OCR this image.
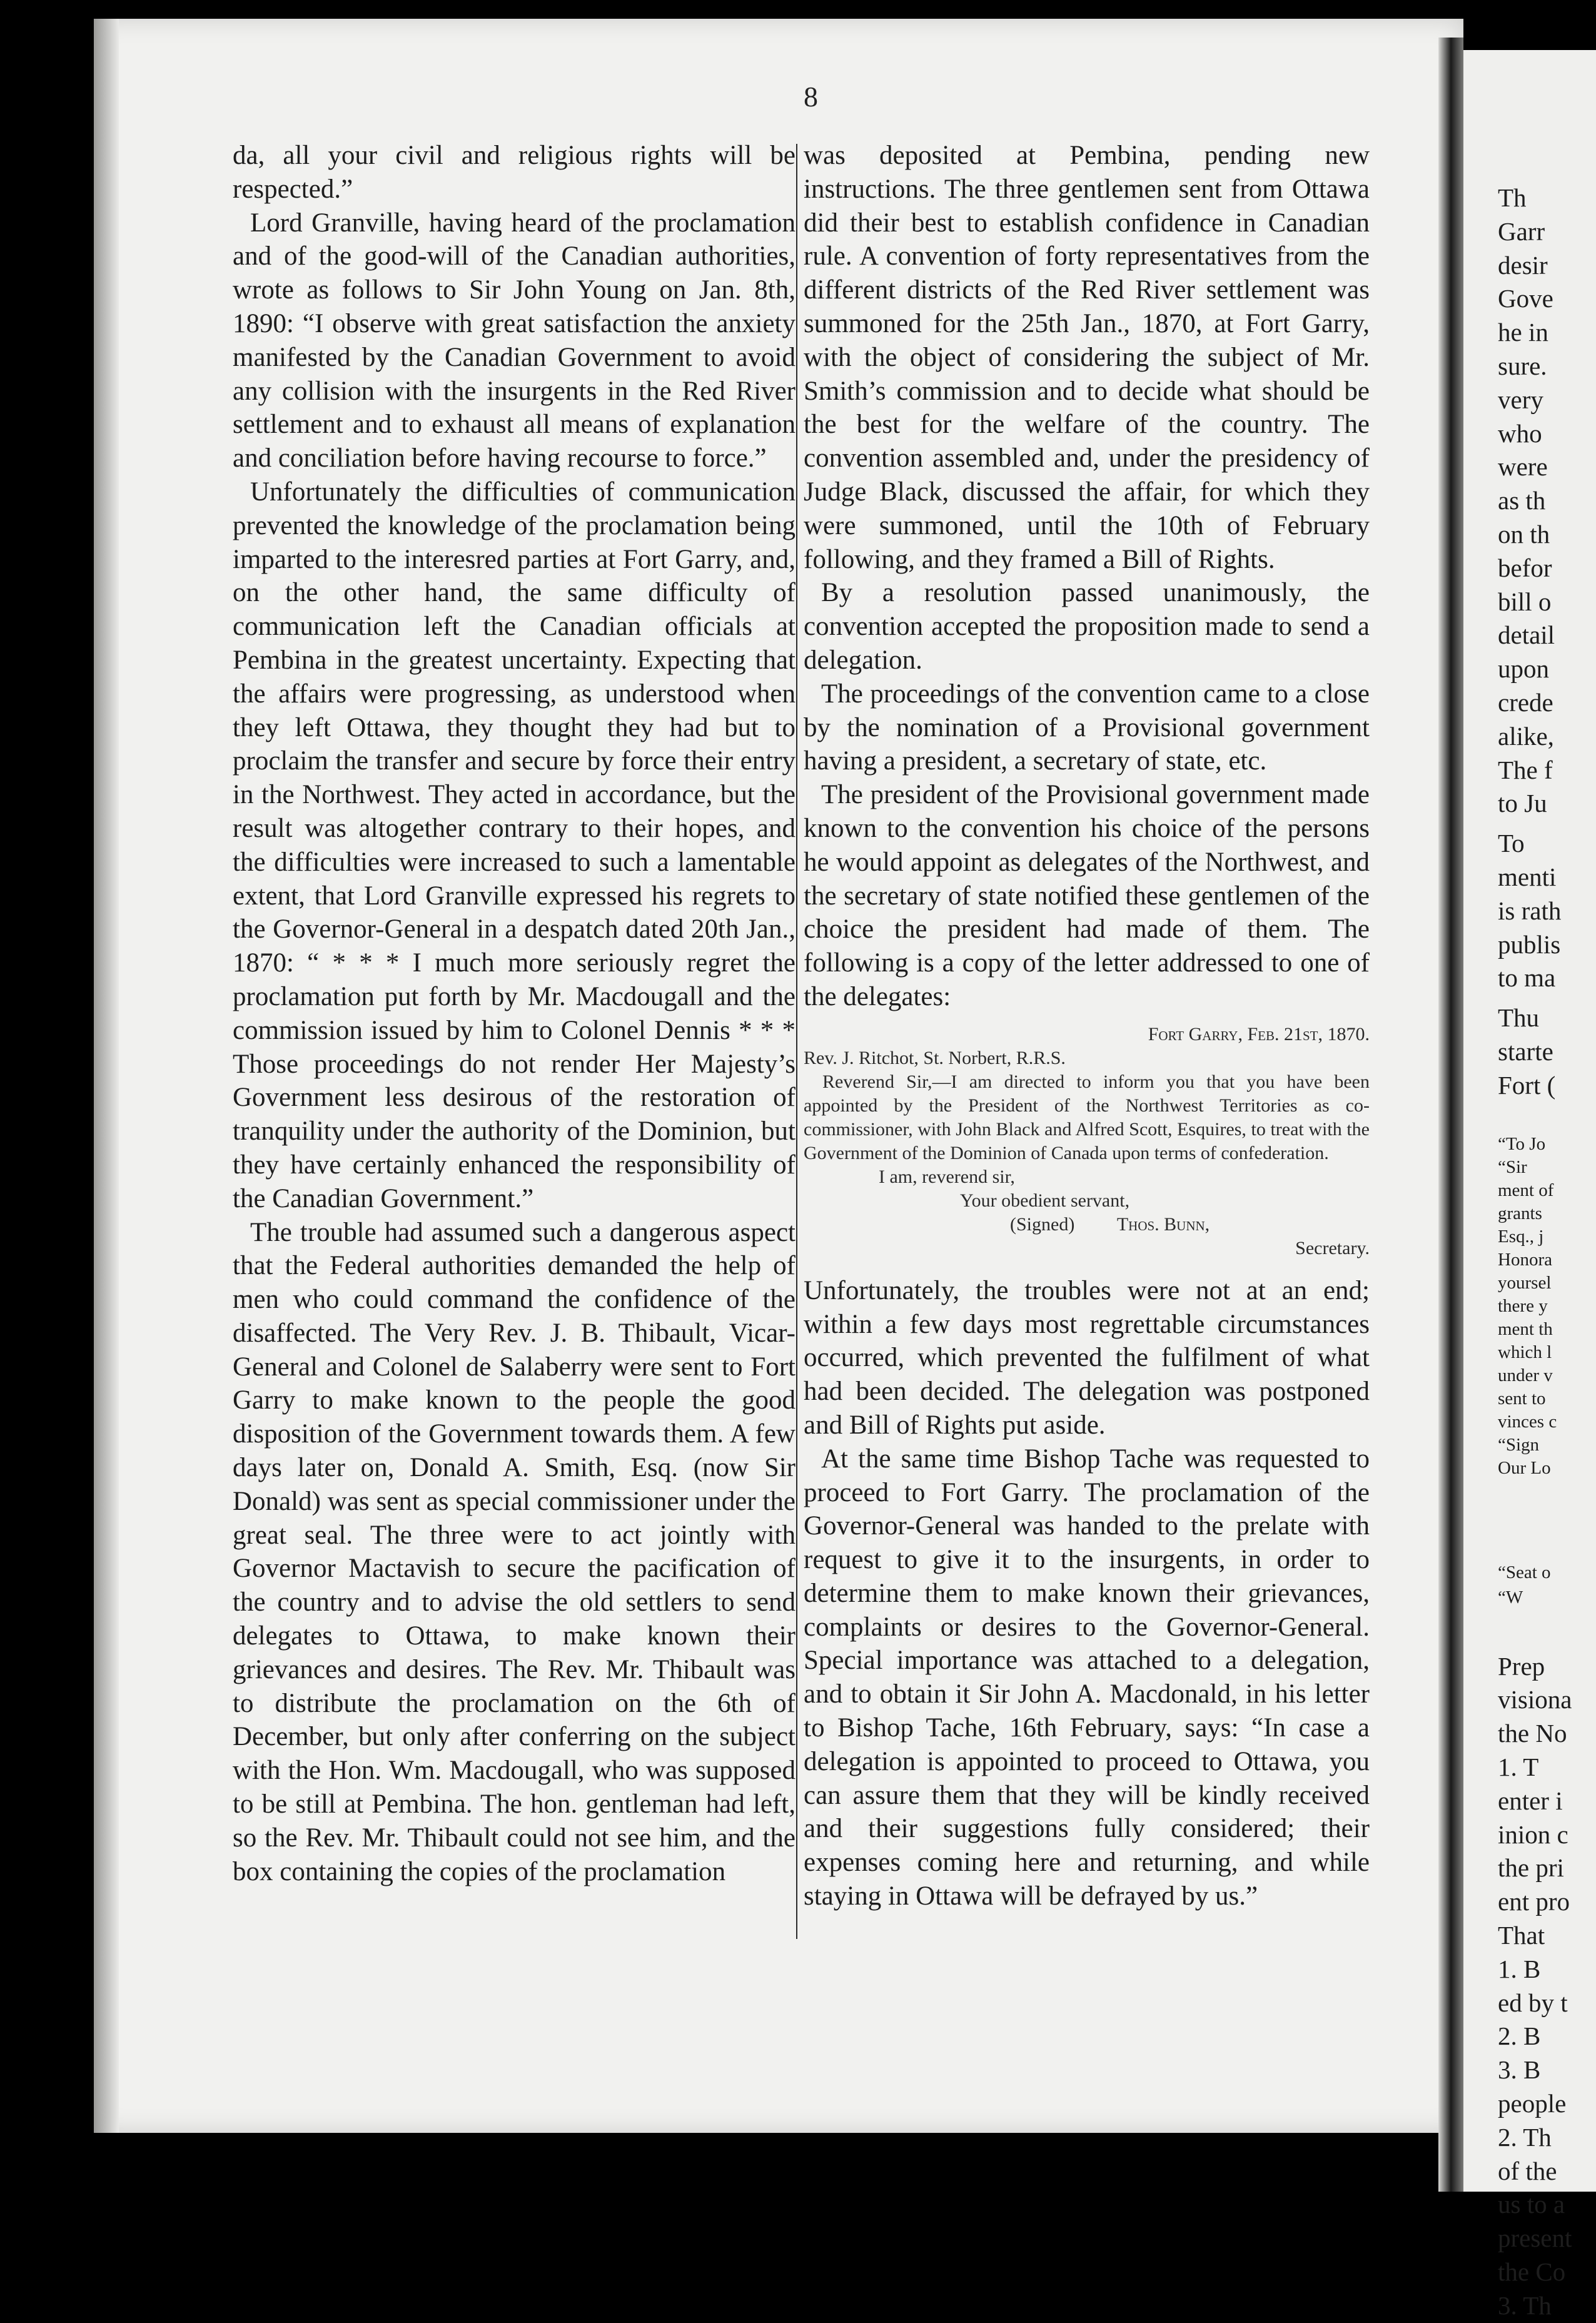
8

da, all your civil and religious rights will be respected.”

Lord Granville, having heard of the proclamation and of the good-will of the Canadian authorities, wrote as follows to Sir John Young on Jan. 8th, 1890: “I observe with great satisfaction the anxiety manifested by the Canadian Government to avoid any collision with the insurgents in the Red River settlement and to exhaust all means of explanation and conciliation before having recourse to force.”

Unfortunately the difficulties of communication prevented the knowledge of the proclamation being imparted to the interesred parties at Fort Garry, and, on the other hand, the same difficulty of communication left the Canadian officials at Pembina in the greatest uncertainty. Expecting that the affairs were progressing, as understood when they left Ottawa, they thought they had but to proclaim the transfer and secure by force their entry in the Northwest. They acted in accordance, but the result was altogether contrary to their hopes, and the difficulties were increased to such a lamentable extent, that Lord Granville expressed his regrets to the Governor-General in a despatch dated 20th Jan., 1870: “ * * * I much more seriously regret the proclamation put forth by Mr. Macdougall and the commission issued by him to Colonel Dennis * * * Those proceedings do not render Her Majesty’s Government less desirous of the restoration of tranquility under the authority of the Dominion, but they have certainly enhanced the responsibility of the Canadian Government.”

The trouble had assumed such a dangerous aspect that the Federal authorities demanded the help of men who could command the confidence of the disaffected. The Very Rev. J. B. Thibault, Vicar-General and Colonel de Salaberry were sent to Fort Garry to make known to the people the good disposition of the Government towards them. A few days later on, Donald A. Smith, Esq. (now Sir Donald) was sent as special commissioner under the great seal. The three were to act jointly with Governor Mactavish to secure the pacification of the country and to advise the old settlers to send delegates to Ottawa, to make known their grievances and desires. The Rev. Mr. Thibault was to distribute the proclamation on the 6th of December, but only after conferring on the subject with the Hon. Wm. Macdougall, who was supposed to be still at Pembina. The hon. gentleman had left, so the Rev. Mr. Thibault could not see him, and the box containing the copies of the proclamation

was deposited at Pembina, pending new instructions. The three gentlemen sent from Ottawa did their best to establish confidence in Canadian rule. A convention of forty representatives from the different districts of the Red River settlement was summoned for the 25th Jan., 1870, at Fort Garry, with the object of considering the subject of Mr. Smith’s commission and to decide what should be the best for the welfare of the country. The convention assembled and, under the presidency of Judge Black, discussed the affair, for which they were summoned, until the 10th of February following, and they framed a Bill of Rights.

By a resolution passed unanimously, the convention accepted the proposition made to send a delegation.

The proceedings of the convention came to a close by the nomination of a Provisional government having a president, a secretary of state, etc.

The president of the Provisional government made known to the convention his choice of the persons he would appoint as delegates of the Northwest, and the secretary of state notified these gentlemen of the choice the president had made of them. The following is a copy of the letter addressed to one of the delegates:

Fort Garry, Feb. 21st, 1870.
Rev. J. Ritchot, St. Norbert, R.R.S.
Reverend Sir,—I am directed to inform you that you have been appointed by the President of the Northwest Territories as co-commissioner, with John Black and Alfred Scott, Esquires, to treat with the Government of the Dominion of Canada upon terms of confederation.
I am, reverend sir,
Your obedient servant,
(Signed) Thos. Bunn,
Secretary.

Unfortunately, the troubles were not at an end; within a few days most regrettable circumstances occurred, which prevented the fulfilment of what had been decided. The delegation was postponed and Bill of Rights put aside.

At the same time Bishop Tache was requested to proceed to Fort Garry. The proclamation of the Governor-General was handed to the prelate with request to give it to the insurgents, in order to determine them to make known their grievances, complaints or desires to the Governor-General. Special importance was attached to a delegation, and to obtain it Sir John A. Macdonald, in his letter to Bishop Tache, 16th February, says: “In case a delegation is appointed to proceed to Ottawa, you can assure them that they will be kindly received and their suggestions fully considered; their expenses coming here and returning, and while staying in Ottawa will be defrayed by us.”

Th
Garr
desir
Gove
he in
sure.
very
who
were
as th
on th
befor
bill o
detail
upon
crede
alike,
The f
to Ju
To
menti
is rath
publis
to ma
Thu
starte
Fort (
“To Jo
“Sir
ment of
grants
Esq., j
Honora
yoursel
there y
ment th
which l
under v
sent to
vinces c
“Sign
Our Lo
“Seat o
“W
Prep
visiona
the No
1. T
enter i
inion c
the pri
ent pro
That
1. B
ed by t
2. B
3. B
people
2. Th
of the
us to a
present
the Co
3. Th
